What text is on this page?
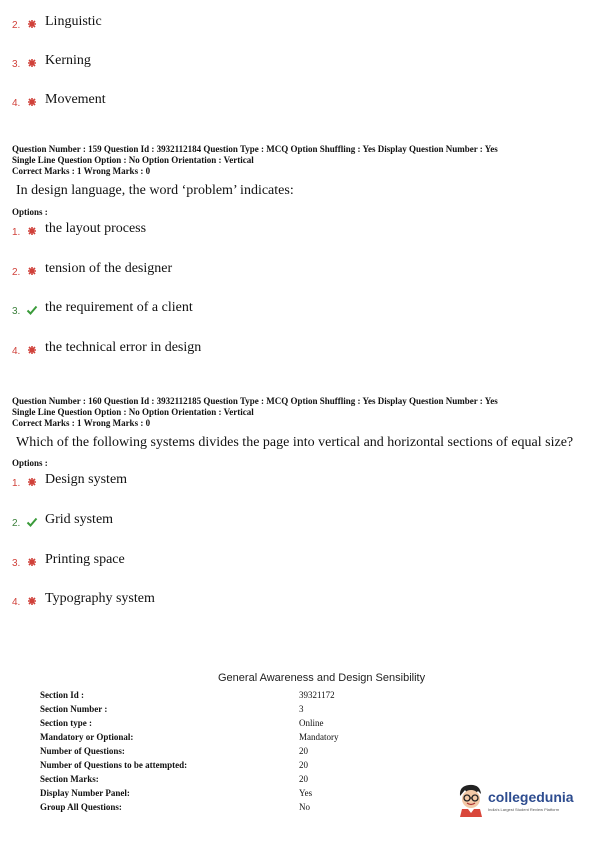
2. Linguistic
3. Kerning
4. Movement
Question Number : 159 Question Id : 3932112184 Question Type : MCQ Option Shuffling : Yes Display Question Number : Yes
Single Line Question Option : No Option Orientation : Vertical
Correct Marks : 1 Wrong Marks : 0
In design language, the word ‘problem’ indicates:
Options :
1. the layout process
2. tension of the designer
3. the requirement of a client
4. the technical error in design
Question Number : 160 Question Id : 3932112185 Question Type : MCQ Option Shuffling : Yes Display Question Number : Yes
Single Line Question Option : No Option Orientation : Vertical
Correct Marks : 1 Wrong Marks : 0
Which of the following systems divides the page into vertical and horizontal sections of equal size?
Options :
1. Design system
2. Grid system
3. Printing space
4. Typography system
General Awareness and Design Sensibility
Section Id :	39321172
Section Number :	3
Section type :	Online
Mandatory or Optional:	Mandatory
Number of Questions:	20
Number of Questions to be attempted:	20
Section Marks:	20
Display Number Panel:	Yes
Group All Questions:	No
collegedunia
India's Largest Student Review Platform
